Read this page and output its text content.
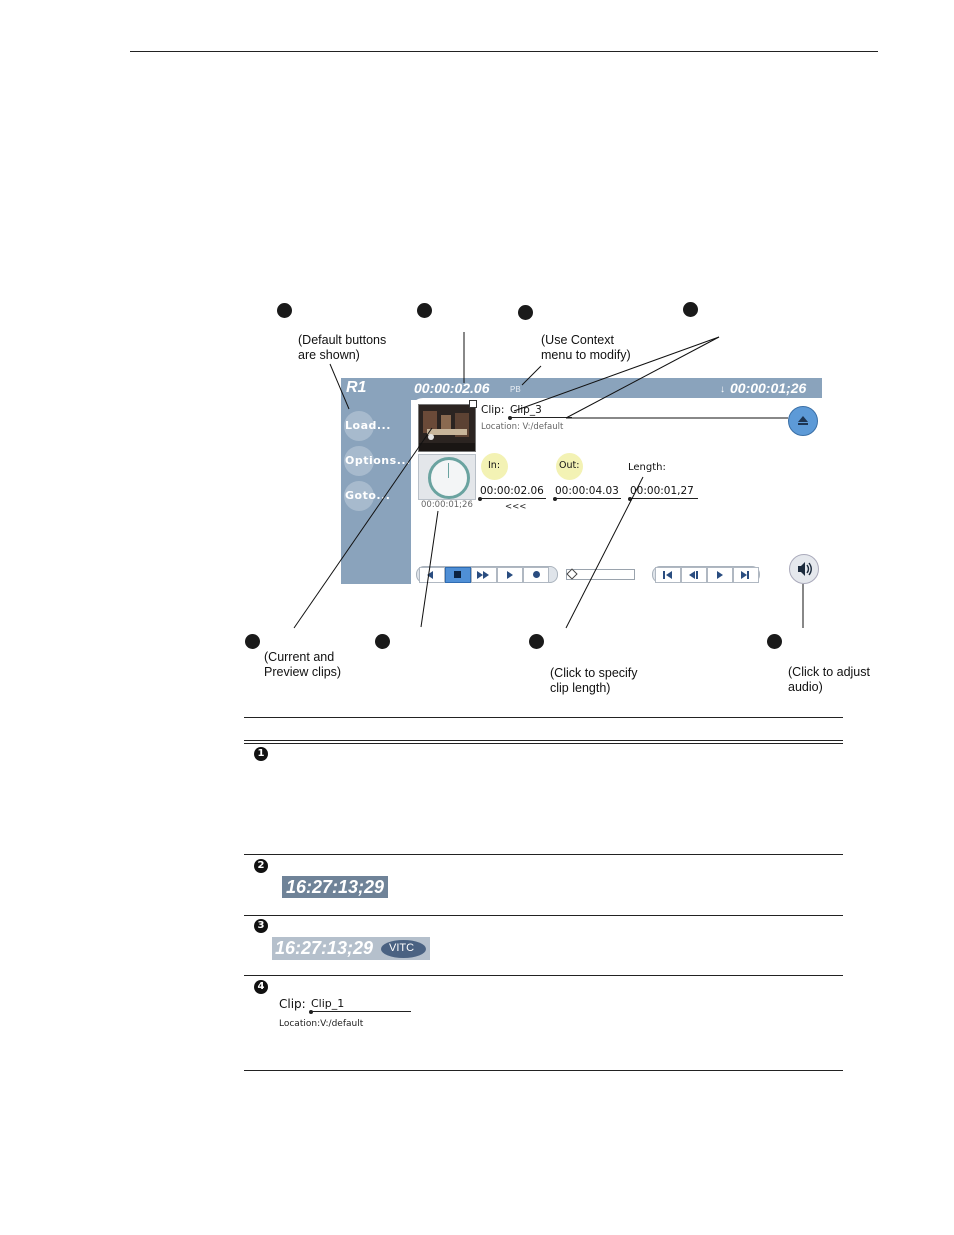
(Default buttons
are shown)
(Use Context
menu to modify)
(Current and
Preview clips)	(Click to specify
clip length)
(Click to adjust
audio)
R1	00:00:02.06	PB	↓ 00:00:01;26
Load...
Options...
Goto...
Clip: Clip_3
Location: V:/default
00:00:01;26
In:	Out:	Length:
00:00:02.06 00:00:04.03 00:00:01,27
<<<
1
2
3
4
16:27:13;29
16:27:13;29 VITC
Clip: Clip_1
Location:V:/default
